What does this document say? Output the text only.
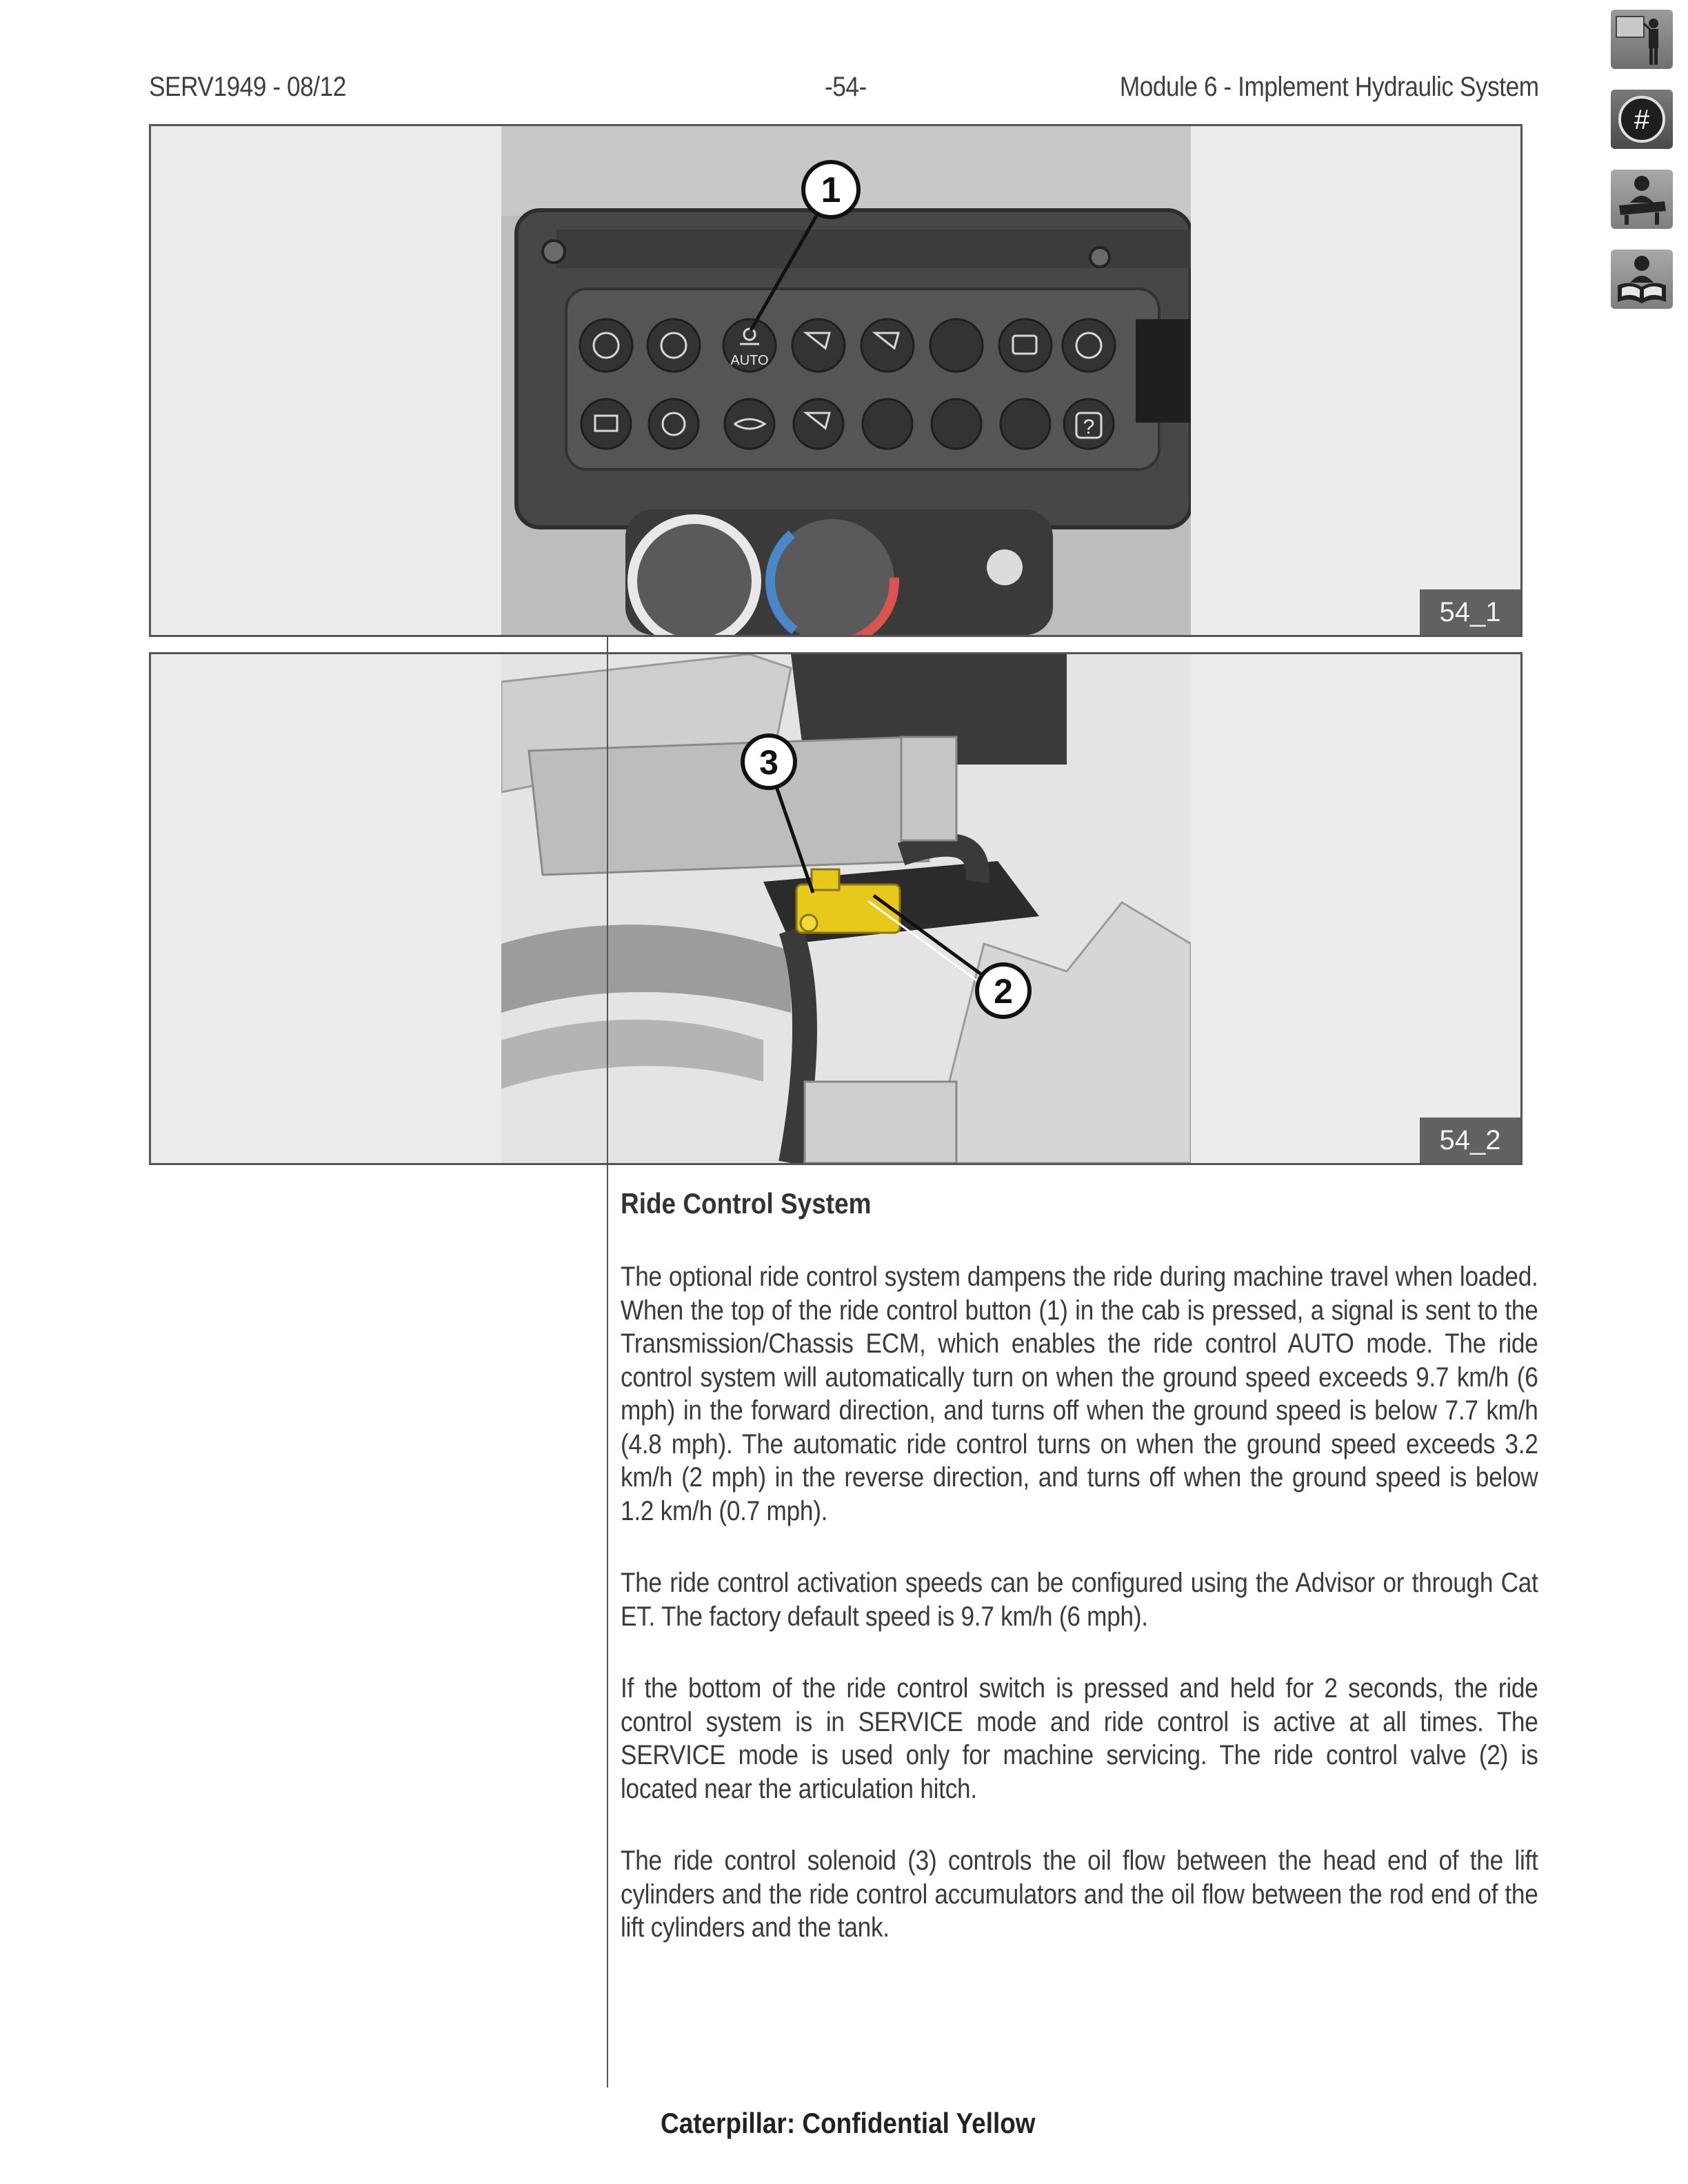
SERV1949 - 08/12	-54-	Module 6 - Implement Hydraulic System
#
AUTO
?
1
54_1
3
2
54_2
Ride Control System

The optional ride control system dampens the ride during machine travel when loaded. When the top of the ride control button (1) in the cab is pressed, a signal is sent to the Transmission/Chassis ECM, which enables the ride control AUTO mode. The ride control system will automatically turn on when the ground speed exceeds 9.7 km/h (6 mph) in the forward direction, and turns off when the ground speed is below 7.7 km/h (4.8 mph). The automatic ride control turns on when the ground speed exceeds 3.2 km/h (2 mph) in the reverse direction, and turns off when the ground speed is below 1.2 km/h (0.7 mph).

The ride control activation speeds can be configured using the Advisor or through Cat ET. The factory default speed is 9.7 km/h (6 mph).

If the bottom of the ride control switch is pressed and held for 2 seconds, the ride control system is in SERVICE mode and ride control is active at all times. The SERVICE mode is used only for machine servicing. The ride control valve (2) is located near the articulation hitch.

The ride control solenoid (3) controls the oil flow between the head end of the lift cylinders and the ride control accumulators and the oil flow between the rod end of the lift cylinders and the tank.

Caterpillar: Confidential Yellow
